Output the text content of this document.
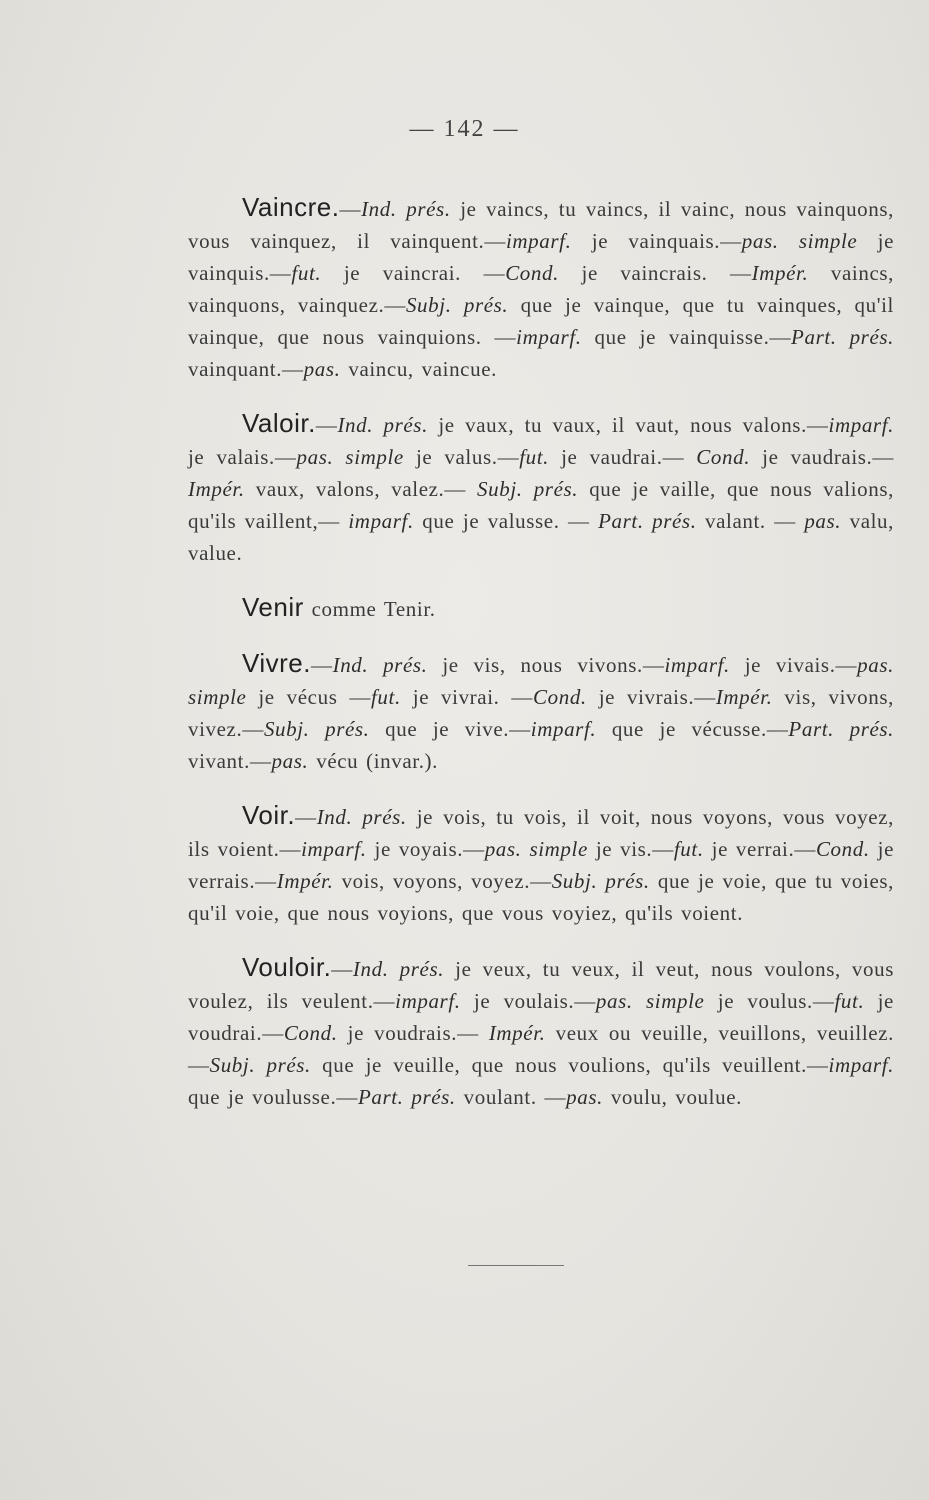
— 142 —

Vaincre.—Ind. prés. je vaincs, tu vaincs, il vainc, nous vainquons, vous vainquez, il vainquent.—imparf. je vainquais.—pas. simple je vainquis.—fut. je vaincrai. —Cond. je vaincrais. —Impér. vaincs, vainquons, vainquez.—Subj. prés. que je vainque, que tu vainques, qu'il vainque, que nous vainquions. —imparf. que je vainquisse.—Part. prés. vainquant.—pas. vaincu, vaincue.

Valoir.—Ind. prés. je vaux, tu vaux, il vaut, nous valons.—imparf. je valais.—pas. simple je valus.—fut. je vaudrai.— Cond. je vaudrais.—Impér. vaux, valons, valez.— Subj. prés. que je vaille, que nous valions, qu'ils vaillent,— imparf. que je valusse. — Part. prés. valant. — pas. valu, value.

Venir comme Tenir.

Vivre.—Ind. prés. je vis, nous vivons.—imparf. je vivais.—pas. simple je vécus —fut. je vivrai. —Cond. je vivrais.—Impér. vis, vivons, vivez.—Subj. prés. que je vive.—imparf. que je vécusse.—Part. prés. vivant.—pas. vécu (invar.).

Voir.—Ind. prés. je vois, tu vois, il voit, nous voyons, vous voyez, ils voient.—imparf. je voyais.—pas. simple je vis.—fut. je verrai.—Cond. je verrais.—Impér. vois, voyons, voyez.—Subj. prés. que je voie, que tu voies, qu'il voie, que nous voyions, que vous voyiez, qu'ils voient.

Vouloir.—Ind. prés. je veux, tu veux, il veut, nous voulons, vous voulez, ils veulent.—imparf. je voulais.—pas. simple je voulus.—fut. je voudrai.—Cond. je voudrais.— Impér. veux ou veuille, veuillons, veuillez.—Subj. prés. que je veuille, que nous voulions, qu'ils veuillent.—imparf. que je voulusse.—Part. prés. voulant. —pas. voulu, voulue.
